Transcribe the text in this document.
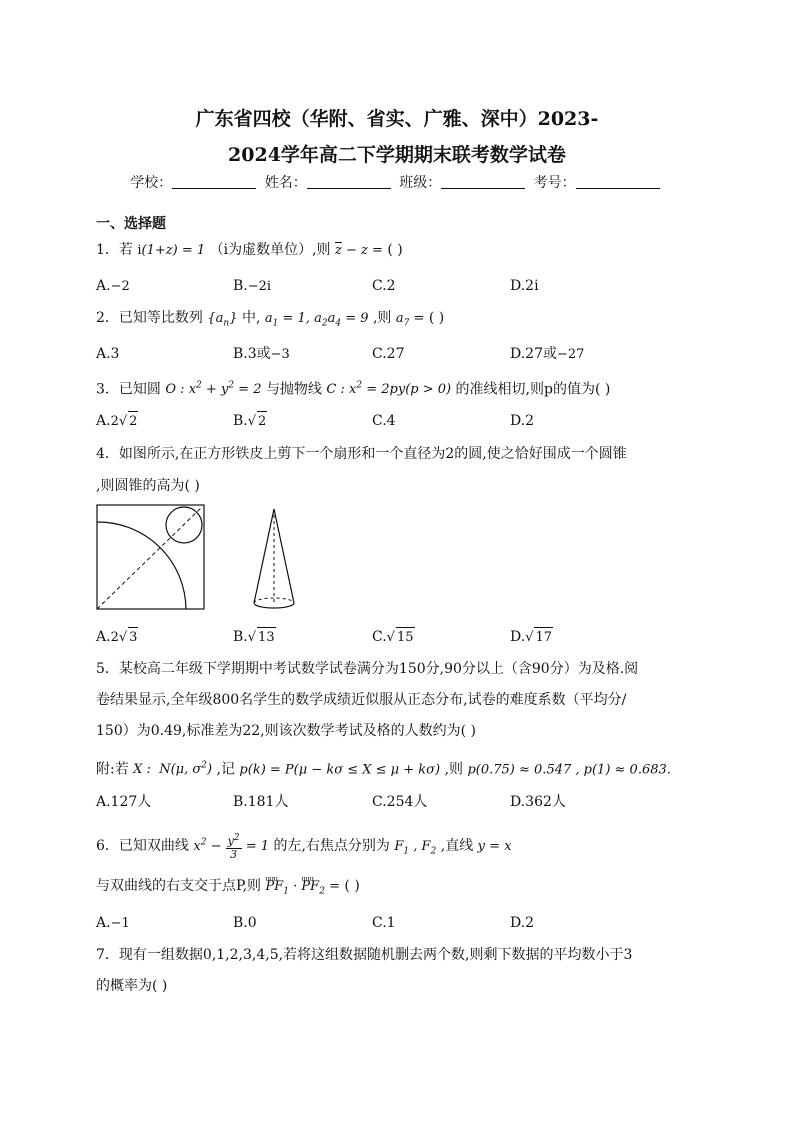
广东省四校（华附、省实、广雅、深中）2023-
2024学年高二下学期期末联考数学试卷
学校：	姓名：	班级：	考号：
一、选择题
1．若 i(1+z) = 1 （i为虚数单位）,则 $\overline{z} - z$ = ( )
A.−2	B.−2i	C.2	D.2i
2．已知等比数列 $\{a_n\}$ 中, $a_1 = 1$, $a_2a_4 = 9$ ,则 $a_7$ = ( )
A.3	B.3或−3	C.27	D.27或−27
3．已知圆 O : $x^2 + y^2 = 2$ 与抛物线 C : $x^2 = 2py(p > 0)$ 的准线相切,则p的值为( )
A.2√ 2	B.√ 2	C.4	D.2
4．如图所示,在正方形铁皮上剪下一个扇形和一个直径为2的圆,使之恰好围成一个圆锥
,则圆锥的高为( )
A.2√ 3	B.√ 13	C.√ 15	D.√ 17
5．某校高二年级下学期期中考试数学试卷满分为150分,90分以上（含90分）为及格.阅
卷结果显示,全年级800名学生的数学成绩近似服从正态分布,试卷的难度系数（平均分/
150）为0.49,标准差为22,则该次数学考试及格的人数约为( )
附:若 X :  N(μ, $\sigma^2$) ,记 p(k) = P(μ − kσ ≤ X ≤ μ + kσ) ,则 p(0.75) ≈ 0.547 , p(1) ≈ 0.683.
A.127人	B.181人	C.254人	D.362人
6．已知双曲线 $x^2 - \frac{y^2}{3} = 1$ 的左,右焦点分别为 $F_1$ , $F_2$ ,直线 y = x
与双曲线的右支交于点P,则 uuu $PF_1$ · uuu $PF_2$ = ( )
A.−1	B.0	C.1	D.2
7．现有一组数据0,1,2,3,4,5,若将这组数据随机删去两个数,则剩下数据的平均数小于3
的概率为( )
